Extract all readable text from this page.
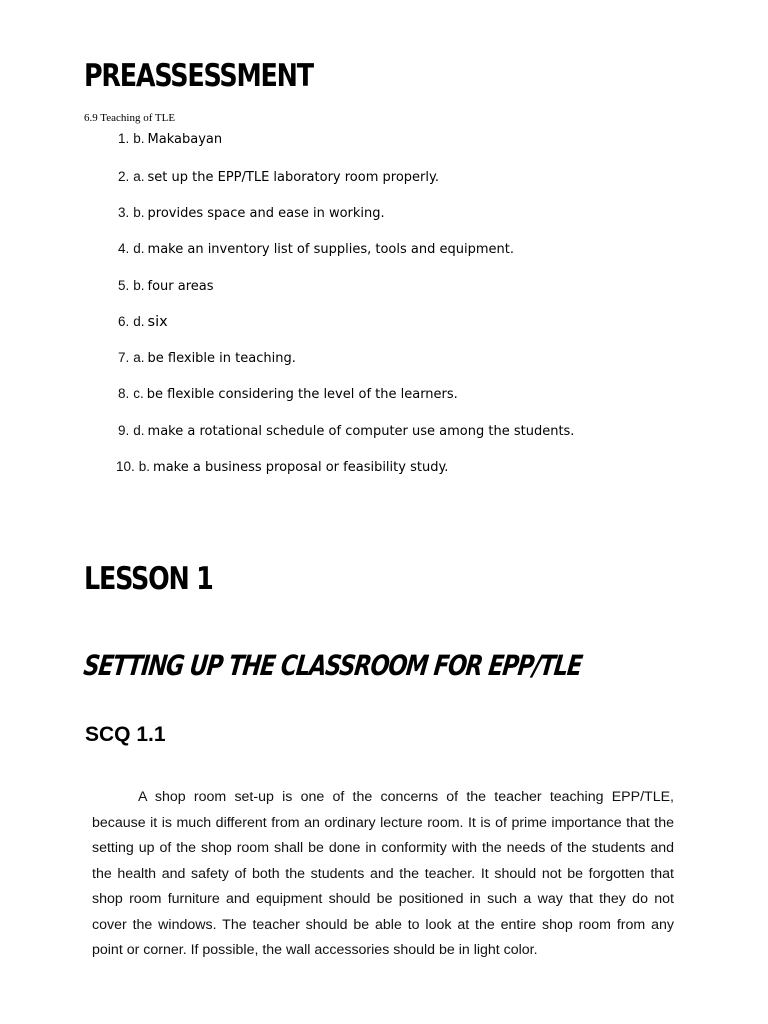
PREASSESSMENT

6.9 Teaching of TLE

1. b. Makabayan
2. a. set up the EPP/TLE laboratory room properly.
3. b. provides space and ease in working.
4. d. make an inventory list of supplies, tools and equipment.
5. b. four areas
6. d. six
7. a. be flexible in teaching.
8. c. be flexible considering the level of the learners.
9. d. make a rotational schedule of computer use among the students.
10. b. make a business proposal or feasibility study.
LESSON 1
SETTING UP THE CLASSROOM FOR EPP/TLE
SCQ 1.1

A shop room set-up is one of the concerns of the teacher teaching EPP/TLE, because it is much different from an ordinary lecture room. It is of prime importance that the setting up of the shop room shall be done in conformity with the needs of the students and the health and safety of both the students and the teacher. It should not be forgotten that shop room furniture and equipment should be positioned in such a way that they do not cover the windows. The teacher should be able to look at the entire shop room from any point or corner. If possible, the wall accessories should be in light color.
